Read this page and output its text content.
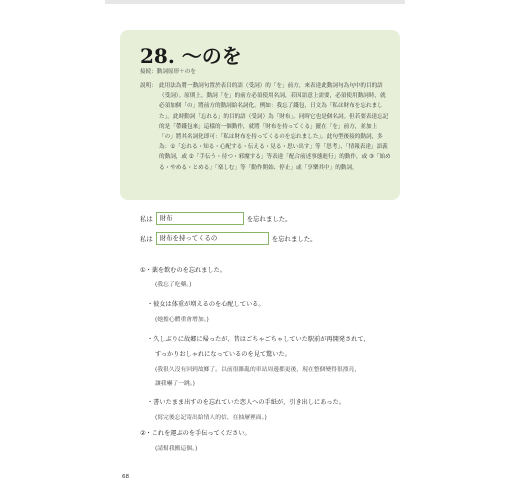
28. ～のを
接続：動詞原形＋のを
説明： 此用法為將一動詞句置於表目的語（受詞）的「を」前方，來表達此動詞句為句中的目的語（受詞）。原則上，動詞「を」的前方必須使用名詞，若因語意上需要，必須使用動詞時，就必須加個「の」將前方的動詞給名詞化。例如：我忘了錢包，日文為「私は財布を忘れました」。此時動詞「忘れる」的目的語（受詞）為「財布」。同時它也是個名詞。但若要表達忘記的是「帶錢包來」這樣的一個動作，就將「財布を持ってくる」擺在「を」前方，並加上「の」將其名詞化即可：「私は財布を持ってくるのを忘れました」。此句型後接的動詞，多為：①「忘れる・知る・心配する・伝える・見る・思い出す」等「思考」、「情報表達」語義的動詞，或 ②「手伝う・待つ・邪魔する」等表達「配合前述事態進行」的動作，或 ③「始める・やめる・とめる」「楽しむ」等「動作開始、停止」或「享樂其中」的動詞。
私は	財布	を忘れました。
私は	財布を持ってくるの	を忘れました。
①・薬を飲むのを忘れました。
(我忘了吃藥。)
・彼女は体重が増えるのを心配している。
(她擔心體重會增加。)
・久しぶりに故郷に帰ったが、昔はごちゃごちゃしていた駅前が再開発されて、
すっかりおしゃれになっているのを見て驚いた。
(我很久沒有回到故鄉了。以前很雜亂的車站周邊都更後，現在整個變得很漂亮，
讓我嚇了一跳。)
・書いたまま出すのを忘れていた恋人への手紙が、引き出しにあった。
(寫完後忘記寄出給情人的信，在抽屜裡面。)
②・これを運ぶのを手伝ってください。
(請幫我搬這個。)
68
